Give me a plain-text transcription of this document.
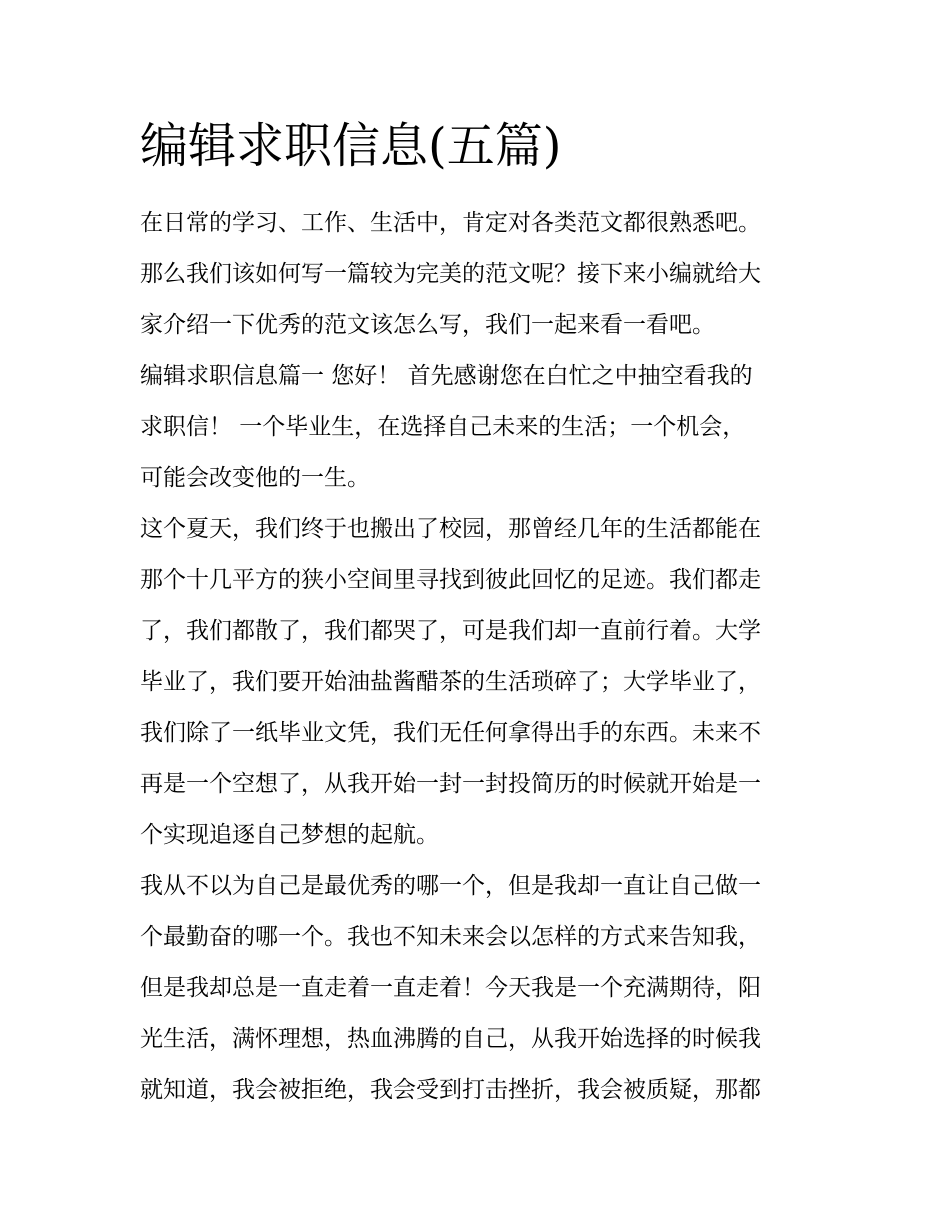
编辑求职信息(五篇)

在日常的学习、工作、生活中，肯定对各类范文都很熟悉吧。

那么我们该如何写一篇较为完美的范文呢？接下来小编就给大

家介绍一下优秀的范文该怎么写，我们一起来看一看吧。

编辑求职信息篇一 您好！ 首先感谢您在白忙之中抽空看我的

求职信！ 一个毕业生，在选择自己未来的生活；一个机会，

可能会改变他的一生。

这个夏天，我们终于也搬出了校园，那曾经几年的生活都能在

那个十几平方的狭小空间里寻找到彼此回忆的足迹。我们都走

了，我们都散了，我们都哭了，可是我们却一直前行着。大学

毕业了，我们要开始油盐酱醋茶的生活琐碎了；大学毕业了，

我们除了一纸毕业文凭，我们无任何拿得出手的东西。未来不

再是一个空想了，从我开始一封一封投简历的时候就开始是一

个实现追逐自己梦想的起航。

我从不以为自己是最优秀的哪一个，但是我却一直让自己做一

个最勤奋的哪一个。我也不知未来会以怎样的方式来告知我，

但是我却总是一直走着一直走着！今天我是一个充满期待，阳

光生活，满怀理想，热血沸腾的自己，从我开始选择的时候我

就知道，我会被拒绝，我会受到打击挫折，我会被质疑，那都
